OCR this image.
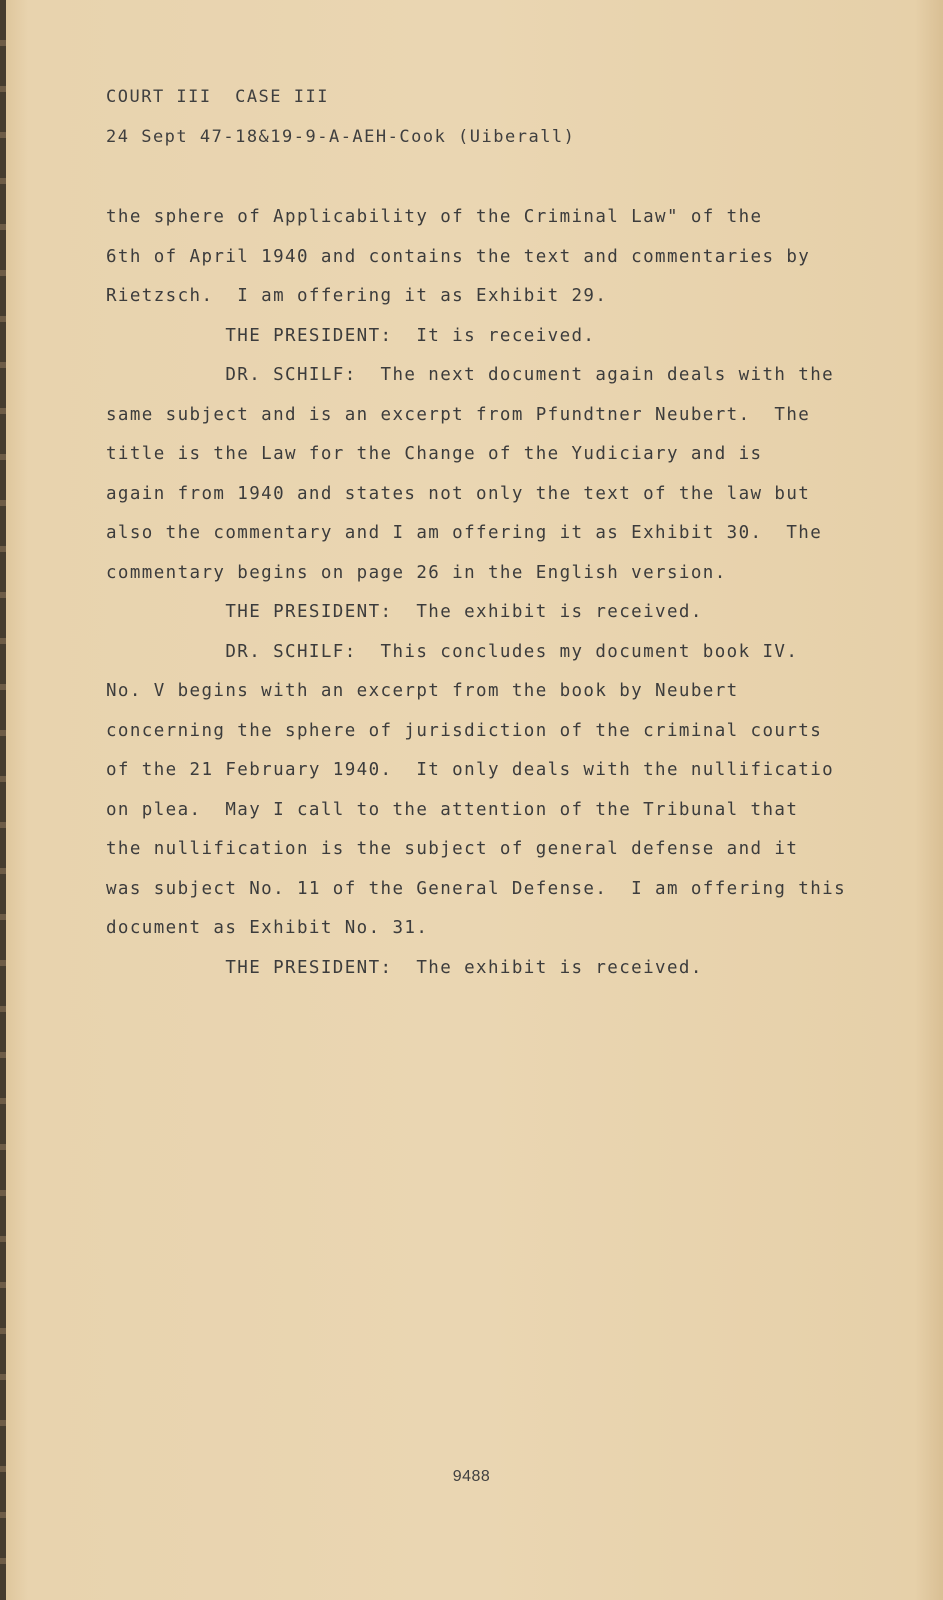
COURT III  CASE III
24 Sept 47-18&19-9-A-AEH-Cook (Uiberall)
the sphere of Applicability of the Criminal Law" of the
6th of April 1940 and contains the text and commentaries by
Rietzsch.  I am offering it as Exhibit 29.
THE PRESIDENT:  It is received.
DR. SCHILF:  The next document again deals with the
same subject and is an excerpt from Pfundtner Neubert.  The
title is the Law for the Change of the Yudiciary and is
again from 1940 and states not only the text of the law but
also the commentary and I am offering it as Exhibit 30.  The
commentary begins on page 26 in the English version.
THE PRESIDENT:  The exhibit is received.
DR. SCHILF:  This concludes my document book IV.
No. V begins with an excerpt from the book by Neubert
concerning the sphere of jurisdiction of the criminal courts
of the 21 February 1940.  It only deals with the nullificatio
on plea.  May I call to the attention of the Tribunal that
the nullification is the subject of general defense and it
was subject No. 11 of the General Defense.  I am offering this
document as Exhibit No. 31.
THE PRESIDENT:  The exhibit is received.
9488
